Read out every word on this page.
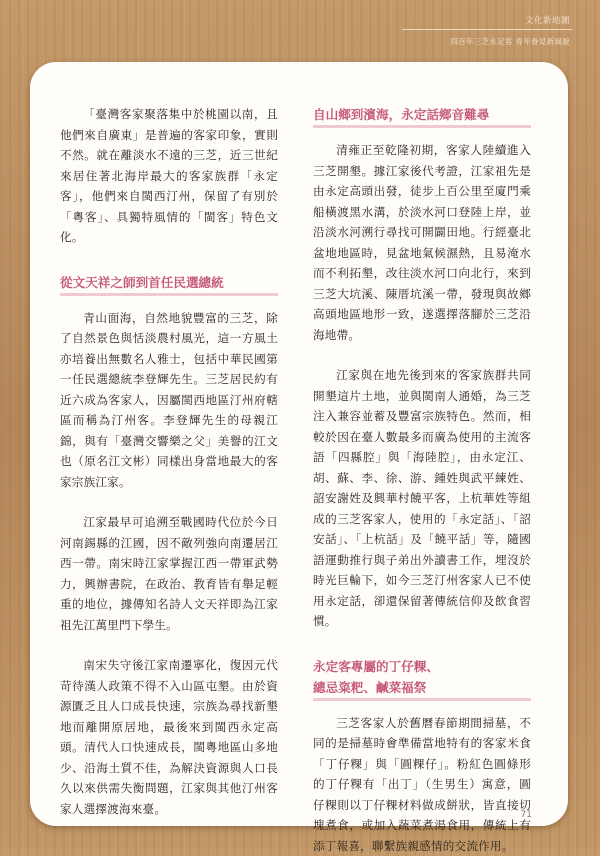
文化新地圖
四百年三芝永定客 青年眷見新風貌

「臺灣客家聚落集中於桃園以南，且他們來自廣東」是普遍的客家印象，實則不然。就在離淡水不遠的三芝，近三世紀來居住著北海岸最大的客家族群「永定客」，他們來自閩西汀州，保留了有別於「粵客」、具獨特風情的「閩客」特色文化。

從文天祥之師到首任民選總統

青山面海，自然地貌豐富的三芝，除了自然景色與恬淡農村風光，這一方風土亦培養出無數名人雅士，包括中華民國第一任民選總統李登輝先生。三芝居民約有近六成為客家人，因屬閩西地區汀州府轄區而稱為汀州客。李登輝先生的母親江錦，與有「臺灣交響樂之父」美譽的江文也（原名江文彬）同樣出身當地最大的客家宗族江家。

江家最早可追溯至戰國時代位於今日河南錫縣的江國，因不敵列強向南遷居江西一帶。南宋時江家掌握江西一帶軍武勢力，興辦書院，在政治、教育皆有舉足輕重的地位，據傳知名詩人文天祥即為江家祖先江萬里門下學生。

南宋失守後江家南遷寧化，復因元代苛待漢人政策不得不入山區屯墾。由於資源匱乏且人口成長快速，宗族為尋找新墾地而離開原居地，最後來到閩西永定高頭。清代人口快速成長，閩粵地區山多地少、沿海土質不佳，為解決資源與人口長久以來供需失衡問題，江家與其他汀州客家人選擇渡海來臺。

自山鄉到濱海，永定話鄉音難尋

清雍正至乾隆初期，客家人陸續進入三芝開墾。據江家後代考證，江家祖先是由永定高頭出發，徒步上百公里至廈門乘船橫渡黑水溝，於淡水河口登陸上岸，並沿淡水河溯行尋找可開闢田地。行經臺北盆地地區時，見盆地氣候濕熱，且易淹水而不利拓墾，改往淡水河口向北行，來到三芝大坑溪、陳厝坑溪一帶，發現與故鄉高頭地區地形一致，遂選擇落腳於三芝沿海地帶。

江家與在地先後到來的客家族群共同開墾這片土地，並與閩南人通婚，為三芝注入兼容並蓄及豐富宗族特色。然而，相較於因在臺人數最多而廣為使用的主流客語「四縣腔」與「海陸腔」，由永定江、胡、蘇、李、徐、游、鍾姓與武平練姓、詔安謝姓及興華村饒平客，上杭華姓等組成的三芝客家人，使用的「永定話」、「詔安話」、「上杭話」及「饒平話」等，隨國語運動推行與子弟出外讀書工作，埋沒於時光巨輪下，如今三芝汀州客家人已不使用永定話，卻還保留著傳統信仰及飲食習慣。

永定客專屬的丁仔粿、
總忌粢粑、鹹菜福祭

三芝客家人於舊曆春節期間掃墓，不同的是掃墓時會準備當地特有的客家米食「丁仔粿」與「圓粿仔」。粉紅色圓條形的丁仔粿有「出丁」（生男生）寓意，圓仔粿則以丁仔粿材料做成餅狀，皆直接切塊煮食，或加入蔬菜煮湯食用，傳統上有添丁報喜，聯繫族親感情的交流作用。

71
